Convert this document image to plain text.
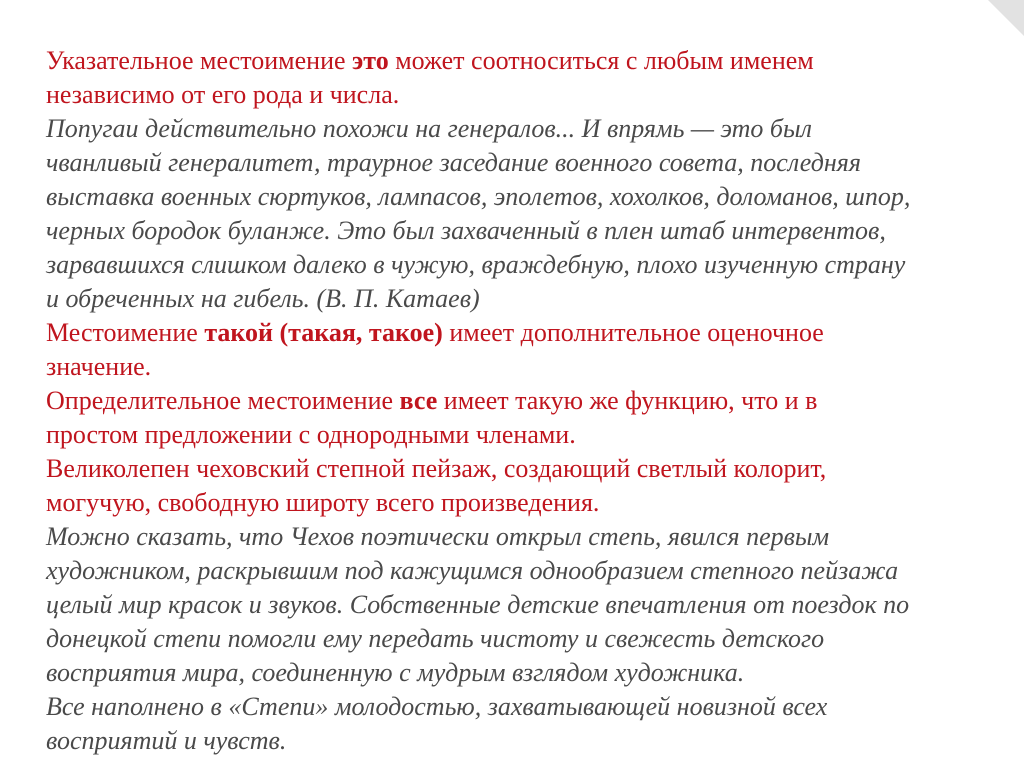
Указательное местоимение это может соотноситься с любым именем
независимо от его рода и числа.
Попугаи действительно похожи на генералов... И впрямь — это был
чванливый генералитет, траурное заседание военного совета, последняя
выставка военных сюртуков, лампасов, эполетов, хохолков, доломанов, шпор,
черных бородок буланже. Это был захваченный в плен штаб интервентов,
зарвавшихся слишком далеко в чужую, враждебную, плохо изученную страну
и обреченных на гибель. (В. П. Катаев)
Местоимение такой (такая, такое) имеет дополнительное оценочное
значение.
Определительное местоимение все имеет такую же функцию, что и в
простом предложении с однородными членами.
Великолепен чеховский степной пейзаж, создающий светлый колорит,
могучую, свободную широту всего произведения.
Можно сказать, что Чехов поэтически открыл степь, явился первым
художником, раскрывшим под кажущимся однообразием степного пейзажа
целый мир красок и звуков. Собственные детские впечатления от поездок по
донецкой степи помогли ему передать чистоту и свежесть детского
восприятия мира, соединенную с мудрым взглядом художника.
Все наполнено в «Степи» молодостью, захватывающей новизной всех
восприятий и чувств.
